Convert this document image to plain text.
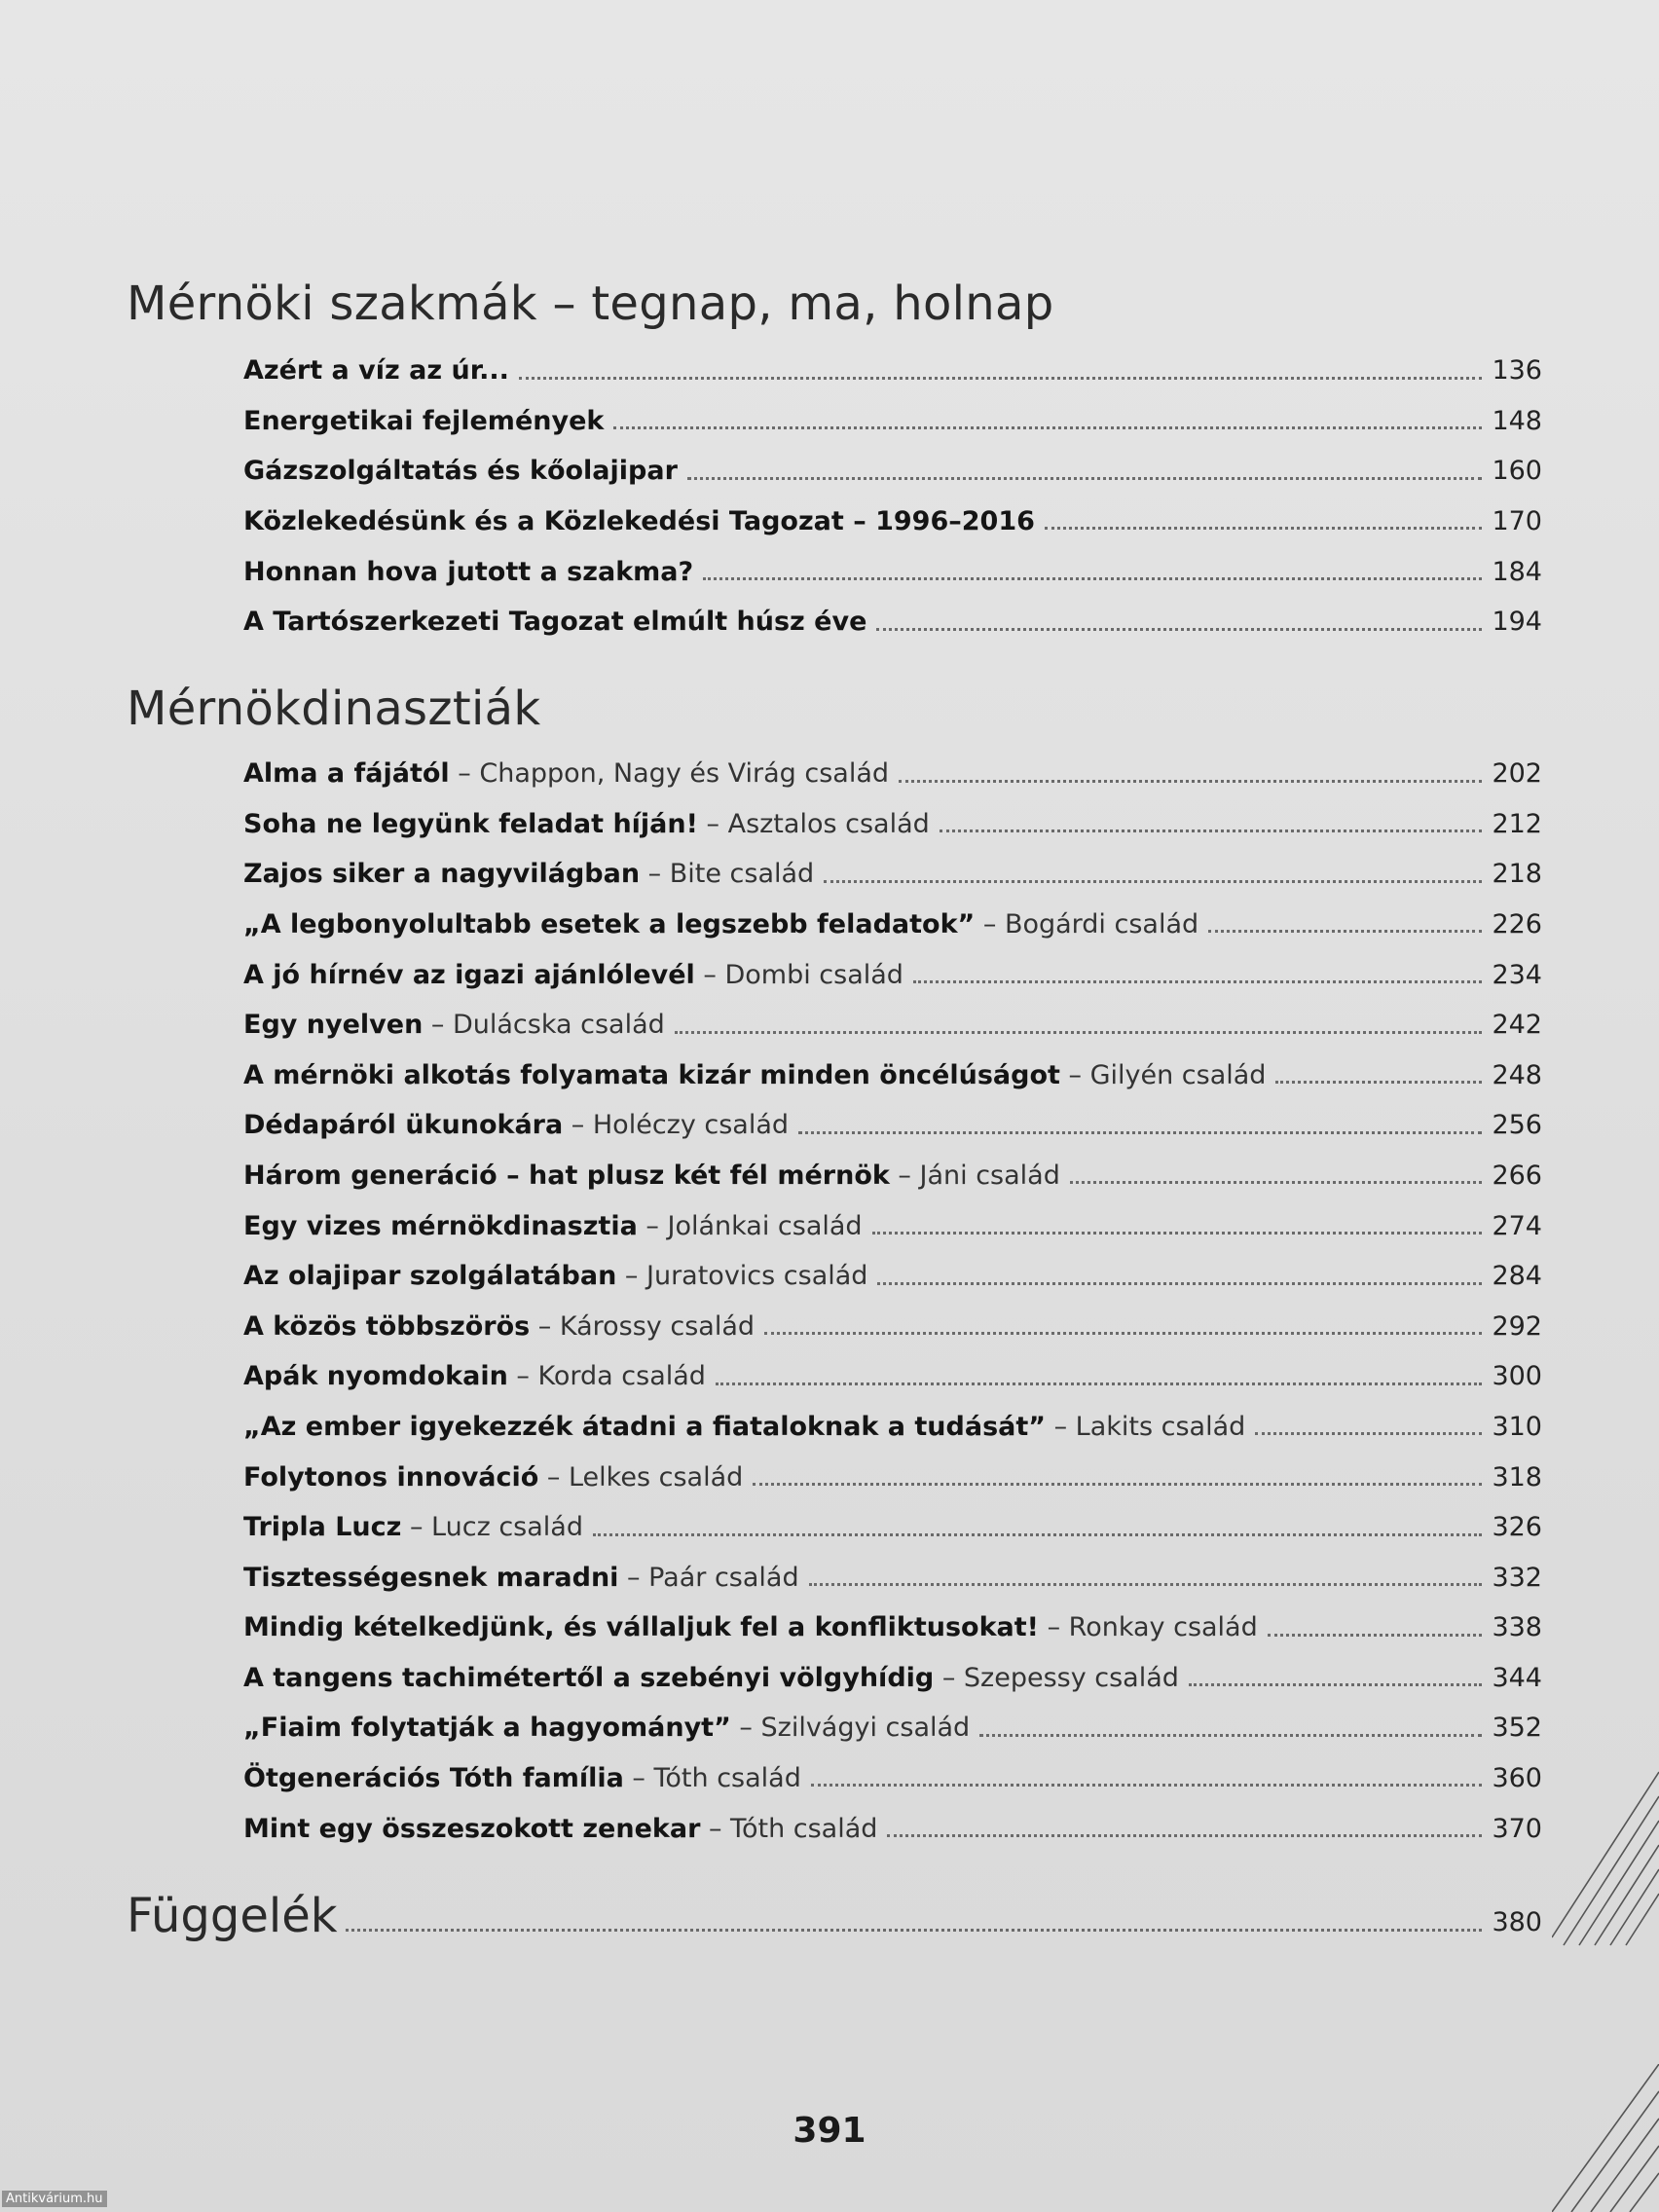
Mérnöki szakmák – tegnap, ma, holnap
Azért a víz az úr...	136
Energetikai fejlemények	148
Gázszolgáltatás és kőolajipar	160
Közlekedésünk és a Közlekedési Tagozat – 1996–2016	170
Honnan hova jutott a szakma?	184
A Tartószerkezeti Tagozat elmúlt húsz éve	194
Mérnökdinasztiák
Alma a fájától – Chappon, Nagy és Virág család	202
Soha ne legyünk feladat híján! – Asztalos család	212
Zajos siker a nagyvilágban – Bite család	218
„A legbonyolultabb esetek a legszebb feladatok” – Bogárdi család	226
A jó hírnév az igazi ajánlólevél – Dombi család	234
Egy nyelven – Dulácska család	242
A mérnöki alkotás folyamata kizár minden öncélúságot – Gilyén család	248
Dédapáról ükunokára – Holéczy család	256
Három generáció – hat plusz két fél mérnök – Jáni család	266
Egy vizes mérnökdinasztia – Jolánkai család	274
Az olajipar szolgálatában – Juratovics család	284
A közös többszörös – Károssy család	292
Apák nyomdokain – Korda család	300
„Az ember igyekezzék átadni a fiataloknak a tudását” – Lakits család	310
Folytonos innováció – Lelkes család	318
Tripla Lucz – Lucz család	326
Tisztességesnek maradni – Paár család	332
Mindig kételkedjünk, és vállaljuk fel a konfliktusokat! – Ronkay család	338
A tangens tachimétertől a szebényi völgyhídig – Szepessy család	344
„Fiaim folytatják a hagyományt” – Szilvágyi család	352
Ötgenerációs Tóth família – Tóth család	360
Mint egy összeszokott zenekar – Tóth család	370
Függelék	380
391
Antikvárium.hu
